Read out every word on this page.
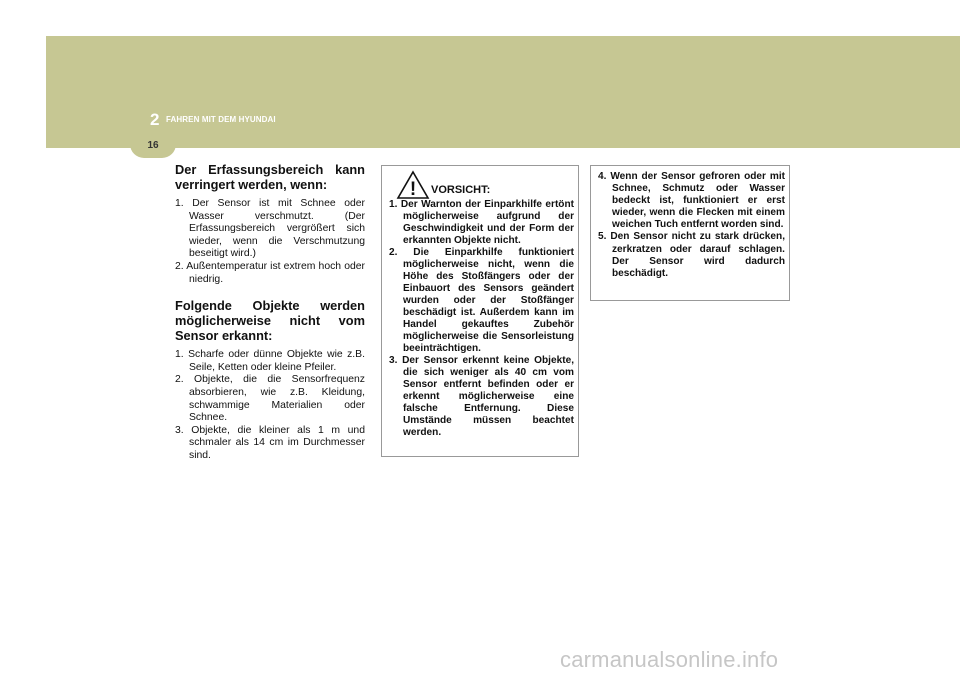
2 FAHREN MIT DEM HYUNDAI
16

Der Erfassungsbereich kann verringert werden, wenn:

1. Der Sensor ist mit Schnee oder Wasser verschmutzt. (Der Erfassungsbereich vergrößert sich wieder, wenn die Verschmutzung beseitigt wird.)
2. Außentemperatur ist extrem hoch oder niedrig.

Folgende Objekte werden möglicherweise nicht vom Sensor erkannt:

1. Scharfe oder dünne Objekte wie z.B. Seile, Ketten oder kleine Pfeiler.
2. Objekte, die die Sensorfrequenz absorbieren, wie z.B. Kleidung, schwammige Materialien oder Schnee.
3. Objekte, die kleiner als 1 m und schmaler als 14 cm im Durchmesser sind.
! VORSICHT:
1. Der Warnton der Einparkhilfe ertönt möglicherweise aufgrund der Geschwindigkeit und der Form der erkannten Objekte nicht.
2. Die Einparkhilfe funktioniert möglicherweise nicht, wenn die Höhe des Stoßfängers oder der Einbauort des Sensors geändert wurden oder der Stoßfänger beschädigt ist. Außerdem kann im Handel gekauftes Zubehör möglicherweise die Sensorleistung beeinträchtigen.
3. Der Sensor erkennt keine Objekte, die sich weniger als 40 cm vom Sensor entfernt befinden oder er erkennt möglicherweise eine falsche Entfernung. Diese Umstände müssen beachtet werden.
4. Wenn der Sensor gefroren oder mit Schnee, Schmutz oder Wasser bedeckt ist, funktioniert er erst wieder, wenn die Flecken mit einem weichen Tuch entfernt worden sind.
5. Den Sensor nicht zu stark drücken, zerkratzen oder darauf schlagen. Der Sensor wird dadurch beschädigt.
carmanualsonline.info
